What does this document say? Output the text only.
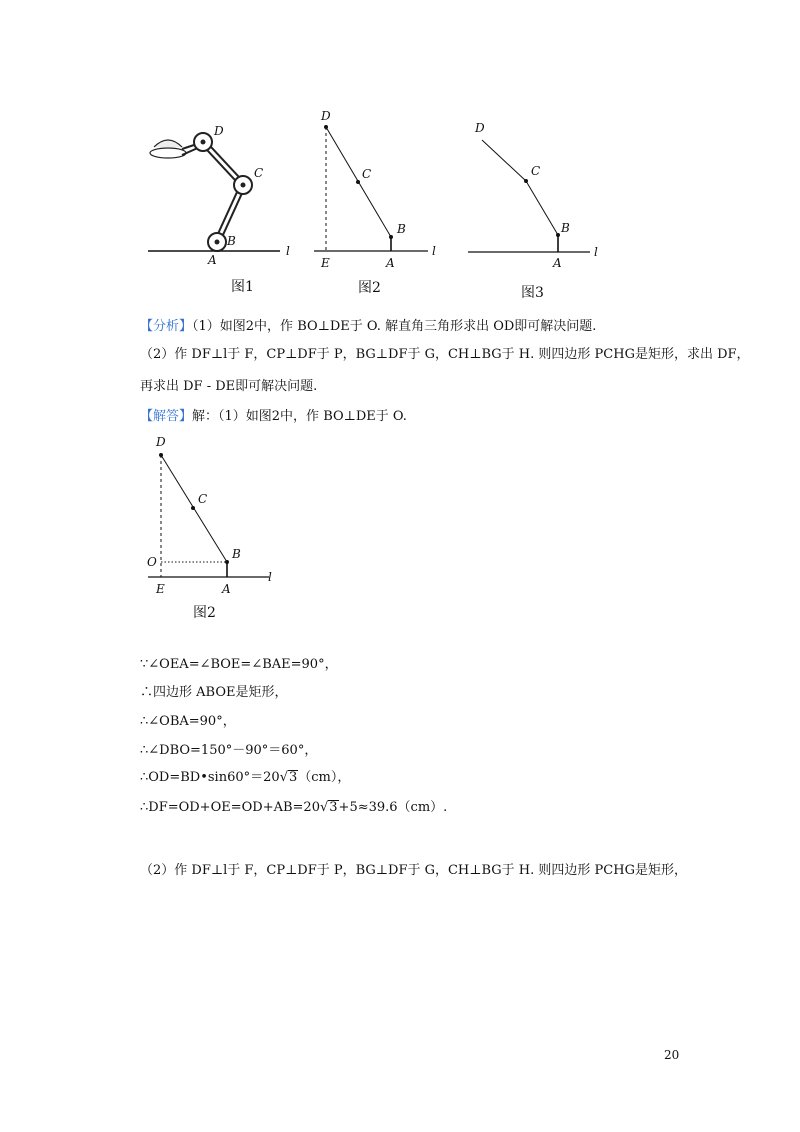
D
C
B
A
l
图1
D
C
B
E	A
l
图2
D
C
B
A
l
图3
【分析】（1）如图2中，作 BO⊥DE于 O. 解直角三角形求出 OD即可解决问题.
（2）作 DF⊥l于 F，CP⊥DF于 P，BG⊥DF于 G，CH⊥BG于 H. 则四边形 PCHG是矩形，求出 DF，
再求出 DF - DE即可解决问题.
【解答】解：（1）如图2中，作 BO⊥DE于 O.
D
C
B
O
E	A
l
图2
∵∠OEA=∠BOE=∠BAE=90°，
∴四边形 ABOE是矩形，
∴∠OBA=90°，
∴∠DBO=150°－90°＝60°，
∴OD=BD•sin60°＝20√3（cm），
∴DF=OD+OE=OD+AB=20√3+5≈39.6（cm）.
（2）作 DF⊥l于 F，CP⊥DF于 P，BG⊥DF于 G，CH⊥BG于 H. 则四边形 PCHG是矩形，
20
